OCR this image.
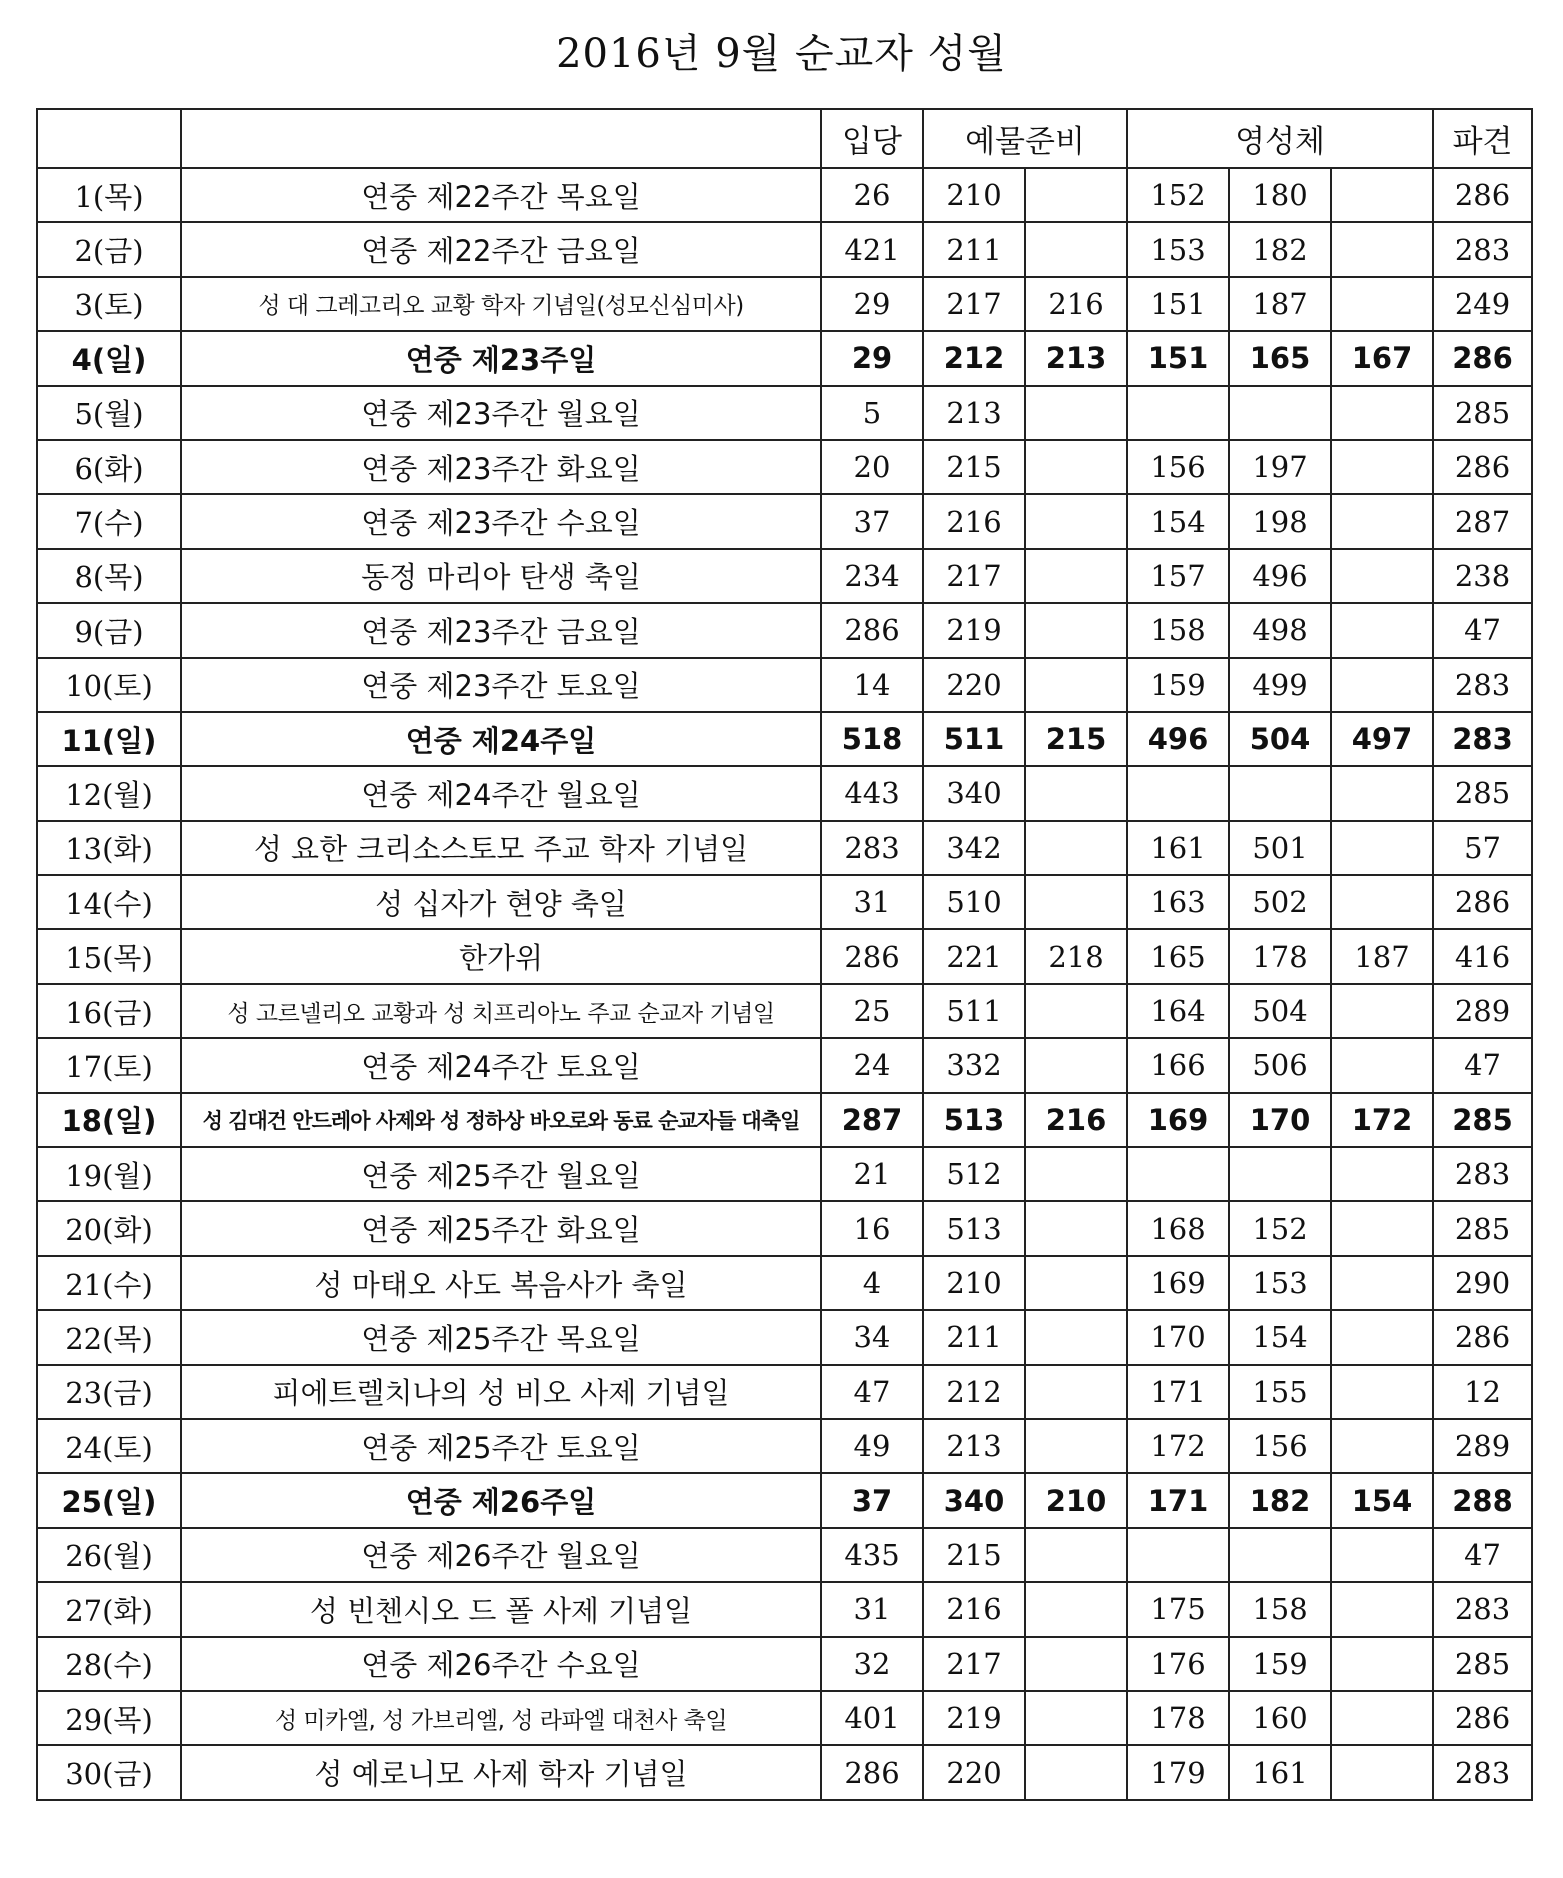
2016년 9월 순교자 성월
		입당	예물준비		영성체			파견
1(목)	연중 제22주간 목요일	26	210		152	180		286
2(금)	연중 제22주간 금요일	421	211		153	182		283
3(토)	성 대 그레고리오 교황 학자 기념일(성모신심미사)	29	217	216	151	187		249
4(일)	연중 제23주일	29	212	213	151	165	167	286
5(월)	연중 제23주간 월요일	5	213					285
6(화)	연중 제23주간 화요일	20	215		156	197		286
7(수)	연중 제23주간 수요일	37	216		154	198		287
8(목)	동정 마리아 탄생 축일	234	217		157	496		238
9(금)	연중 제23주간 금요일	286	219		158	498		47
10(토)	연중 제23주간 토요일	14	220		159	499		283
11(일)	연중 제24주일	518	511	215	496	504	497	283
12(월)	연중 제24주간 월요일	443	340					285
13(화)	성 요한 크리소스토모 주교 학자 기념일	283	342		161	501		57
14(수)	성 십자가 현양 축일	31	510		163	502		286
15(목)	한가위	286	221	218	165	178	187	416
16(금)	성 고르넬리오 교황과 성 치프리아노 주교 순교자 기념일	25	511		164	504		289
17(토)	연중 제24주간 토요일	24	332		166	506		47
18(일)	성 김대건 안드레아 사제와 성 정하상 바오로와 동료 순교자들 대축일	287	513	216	169	170	172	285
19(월)	연중 제25주간 월요일	21	512					283
20(화)	연중 제25주간 화요일	16	513		168	152		285
21(수)	성 마태오 사도 복음사가 축일	4	210		169	153		290
22(목)	연중 제25주간 목요일	34	211		170	154		286
23(금)	피에트렐치나의 성 비오 사제 기념일	47	212		171	155		12
24(토)	연중 제25주간 토요일	49	213		172	156		289
25(일)	연중 제26주일	37	340	210	171	182	154	288
26(월)	연중 제26주간 월요일	435	215					47
27(화)	성 빈첸시오 드 폴 사제 기념일	31	216		175	158		283
28(수)	연중 제26주간 수요일	32	217		176	159		285
29(목)	성 미카엘, 성 가브리엘, 성 라파엘 대천사 축일	401	219		178	160		286
30(금)	성 예로니모 사제 학자 기념일	286	220		179	161		283
